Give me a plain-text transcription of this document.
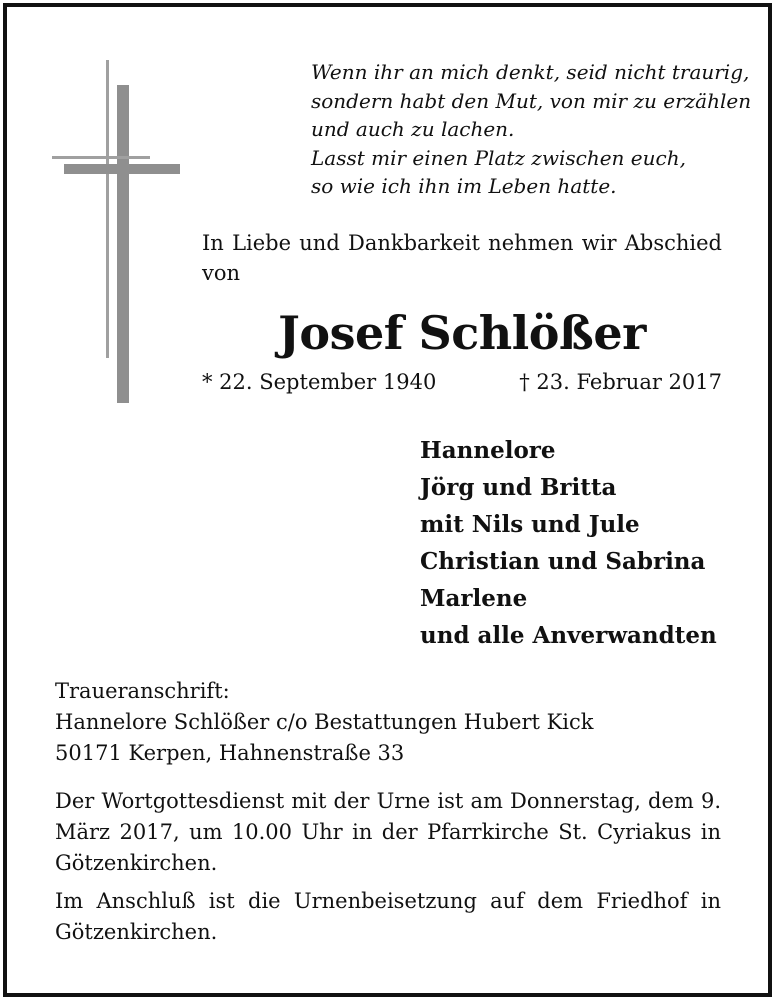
Wenn ihr an mich denkt, seid nicht traurig,
sondern habt den Mut, von mir zu erzählen
und auch zu lachen.
Lasst mir einen Platz zwischen euch,
so wie ich ihn im Leben hatte.
In Liebe und Dankbarkeit nehmen wir Abschied von
Josef Schlößer
* 22. September 1940	† 23. Februar 2017
Hannelore
Jörg und Britta
mit Nils und Jule
Christian und Sabrina
Marlene
und alle Anverwandten
Traueranschrift:
Hannelore Schlößer c/o Bestattungen Hubert Kick
50171 Kerpen, Hahnenstraße 33
Der Wortgottesdienst mit der Urne ist am Donnerstag, dem 9. März 2017, um 10.00 Uhr in der Pfarrkirche St. Cyriakus in Götzenkirchen.
Im Anschluß ist die Urnenbeisetzung auf dem Friedhof in Götzenkirchen.
